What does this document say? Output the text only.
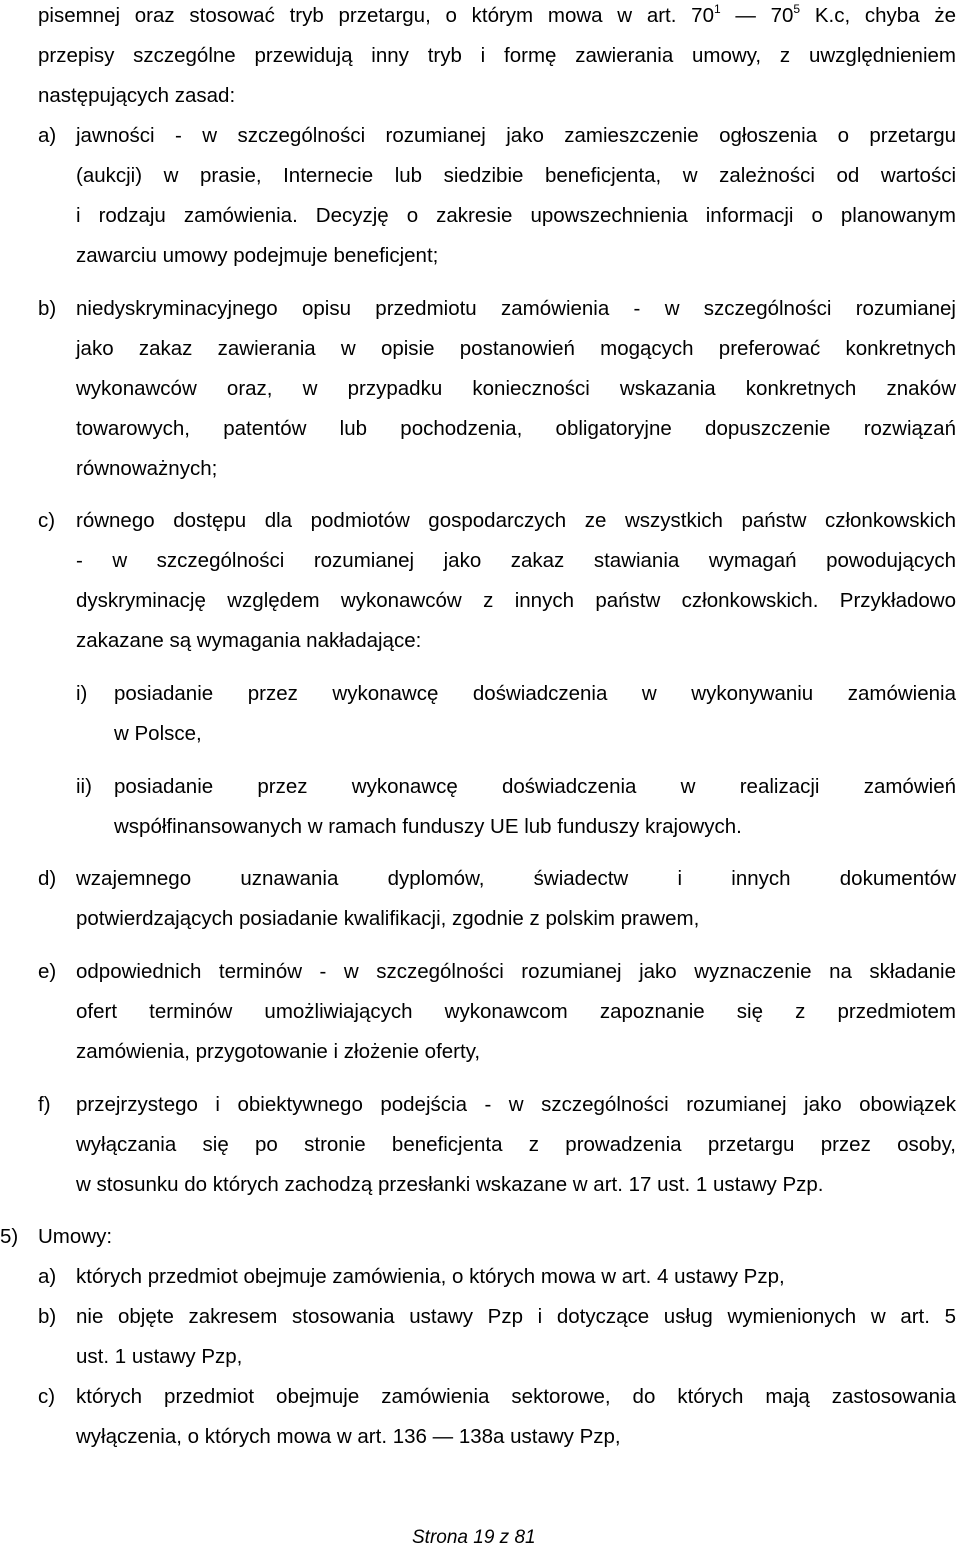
pisemnej oraz stosować tryb przetargu, o którym mowa w art. $70^1$ — $70^5$ K.c, chyba że
przepisy szczególne przewidują inny tryb i formę zawierania umowy, z uwzględnieniem
następujących zasad:
a) jawności - w szczególności rozumianej jako zamieszczenie ogłoszenia o przetargu
(aukcji) w prasie, Internecie lub siedzibie beneficjenta, w zależności od wartości
i rodzaju zamówienia. Decyzję o zakresie upowszechnienia informacji o planowanym
zawarciu umowy podejmuje beneficjent;
b) niedyskryminacyjnego opisu przedmiotu zamówienia - w szczególności rozumianej
jako zakaz zawierania w opisie postanowień mogących preferować konkretnych
wykonawców oraz, w przypadku konieczności wskazania konkretnych znaków
towarowych, patentów lub pochodzenia, obligatoryjne dopuszczenie rozwiązań
równoważnych;
c) równego dostępu dla podmiotów gospodarczych ze wszystkich państw członkowskich
- w szczególności rozumianej jako zakaz stawiania wymagań powodujących
dyskryminację względem wykonawców z innych państw członkowskich. Przykładowo
zakazane są wymagania nakładające:
i) posiadanie przez wykonawcę doświadczenia w wykonywaniu zamówienia
w Polsce,
ii) posiadanie przez wykonawcę doświadczenia w realizacji zamówień
współfinansowanych w ramach funduszy UE lub funduszy krajowych.
d) wzajemnego uznawania dyplomów, świadectw i innych dokumentów
potwierdzających posiadanie kwalifikacji, zgodnie z polskim prawem,
e) odpowiednich terminów - w szczególności rozumianej jako wyznaczenie na składanie
ofert terminów umożliwiających wykonawcom zapoznanie się z przedmiotem
zamówienia, przygotowanie i złożenie oferty,
f) przejrzystego i obiektywnego podejścia - w szczególności rozumianej jako obowiązek
wyłączania się po stronie beneficjenta z prowadzenia przetargu przez osoby,
w stosunku do których zachodzą przesłanki wskazane w art. 17 ust. 1 ustawy Pzp.
5) Umowy:
a) których przedmiot obejmuje zamówienia, o których mowa w art. 4 ustawy Pzp,
b) nie objęte zakresem stosowania ustawy Pzp i dotyczące usług wymienionych w art. 5
ust. 1 ustawy Pzp,
c) których przedmiot obejmuje zamówienia sektorowe, do których mają zastosowania
wyłączenia, o których mowa w art. 136 — 138a ustawy Pzp,
Strona 19 z 81
